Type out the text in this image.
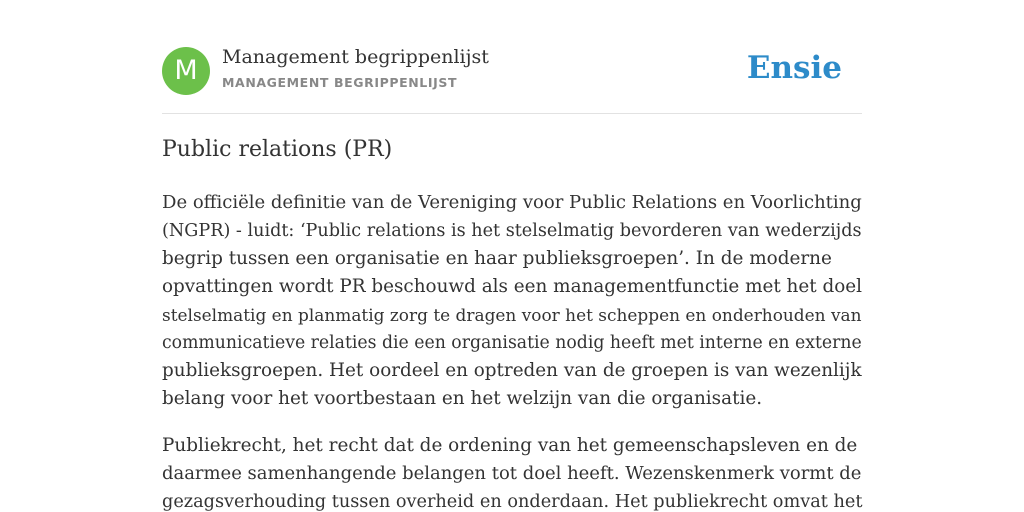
M	Management begrippenlijst
MANAGEMENT BEGRIPPENLIJST	Ensie
Public relations (PR)

De officiële definitie van de Vereniging voor Public Relations en Voorlichting
(NGPR) - luidt: ‘Public relations is het stelselmatig bevorderen van wederzijds
begrip tussen een organisatie en haar publieksgroepen’. In de moderne
opvattingen wordt PR beschouwd als een managementfunctie met het doel
stelselmatig en planmatig zorg te dragen voor het scheppen en onderhouden van
communicatieve relaties die een organisatie nodig heeft met interne en externe
publieksgroepen. Het oordeel en optreden van de groepen is van wezenlijk
belang voor het voortbestaan en het welzijn van die organisatie.

Publiekrecht, het recht dat de ordening van het gemeenschapsleven en de
daarmee samenhangende belangen tot doel heeft. Wezenskenmerk vormt de
gezagsverhouding tussen overheid en onderdaan. Het publiekrecht omvat het
